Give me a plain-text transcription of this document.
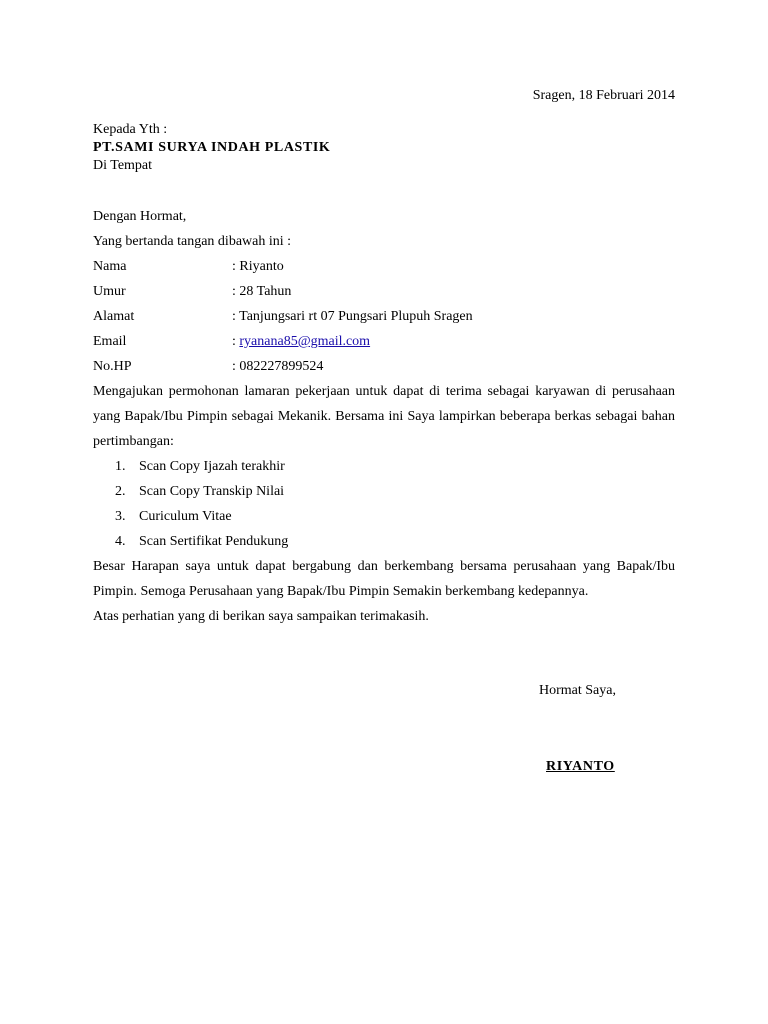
Sragen, 18 Februari 2014
Kepada Yth :
PT.SAMI SURYA INDAH PLASTIK
Di Tempat
Dengan Hormat,
Yang bertanda tangan dibawah ini :
Nama	: Riyanto
Umur	: 28 Tahun
Alamat	: Tanjungsari rt 07 Pungsari Plupuh Sragen
Email	: ryanana85@gmail.com
No.HP	: 082227899524
Mengajukan permohonan lamaran pekerjaan untuk dapat di terima sebagai karyawan di perusahaan yang Bapak/Ibu Pimpin sebagai Mekanik. Bersama ini Saya lampirkan beberapa berkas sebagai bahan pertimbangan:
1. Scan Copy Ijazah terakhir
2. Scan Copy Transkip Nilai
3. Curiculum Vitae
4. Scan Sertifikat Pendukung
Besar Harapan saya untuk dapat bergabung dan berkembang bersama perusahaan yang Bapak/Ibu Pimpin. Semoga Perusahaan yang Bapak/Ibu Pimpin Semakin berkembang kedepannya.
Atas perhatian yang di berikan saya sampaikan terimakasih.
Hormat Saya,
RIYANTO
